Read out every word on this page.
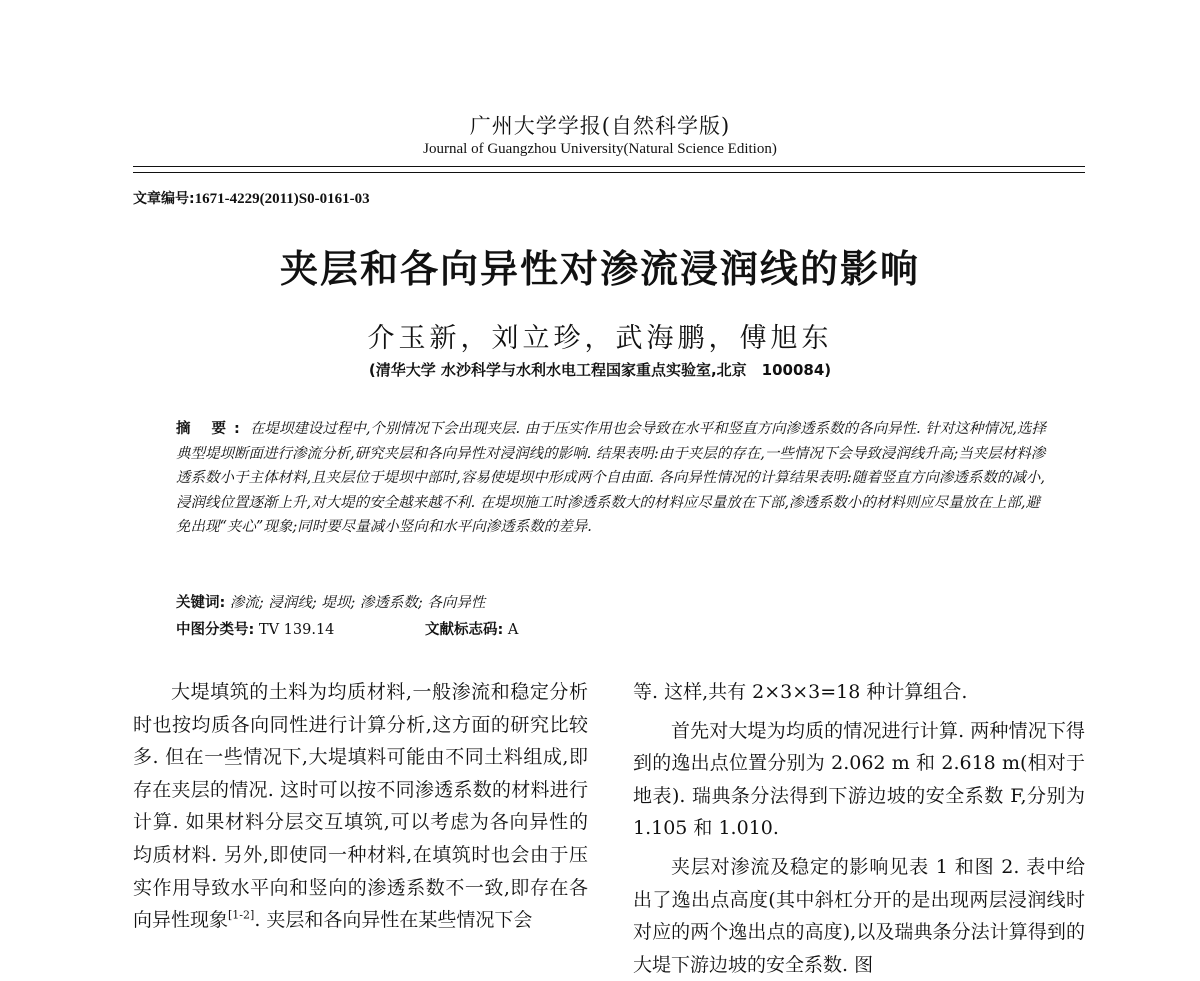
广州大学学报(自然科学版)
Journal of Guangzhou University(Natural Science Edition)
文章编号:1671-4229(2011)S0-0161-03
夹层和各向异性对渗流浸润线的影响
介玉新，刘立珍，武海鹏，傅旭东
(清华大学 水沙科学与水利水电工程国家重点实验室,北京　100084)
摘 要: 在堤坝建设过程中,个别情况下会出现夹层. 由于压实作用也会导致在水平和竖直方向渗透系数的各向异性. 针对这种情况,选择典型堤坝断面进行渗流分析,研究夹层和各向异性对浸润线的影响. 结果表明:由于夹层的存在,一些情况下会导致浸润线升高;当夹层材料渗透系数小于主体材料,且夹层位于堤坝中部时,容易使堤坝中形成两个自由面. 各向异性情况的计算结果表明:随着竖直方向渗透系数的减小,浸润线位置逐渐上升,对大堤的安全越来越不利. 在堤坝施工时渗透系数大的材料应尽量放在下部,渗透系数小的材料则应尽量放在上部,避免出现“夹心”现象;同时要尽量减小竖向和水平向渗透系数的差异.
关键词: 渗流; 浸润线; 堤坝; 渗透系数; 各向异性
中图分类号: TV 139.14	文献标志码: A

大堤填筑的土料为均质材料,一般渗流和稳定分析时也按均质各向同性进行计算分析,这方面的研究比较多. 但在一些情况下,大堤填料可能由不同土料组成,即存在夹层的情况. 这时可以按不同渗透系数的材料进行计算. 如果材料分层交互填筑,可以考虑为各向异性的均质材料. 另外,即使同一种材料,在填筑时也会由于压实作用导致水平向和竖向的渗透系数不一致,即存在各向异性现象[1-2]. 夹层和各向异性在某些情况下会

等. 这样,共有 2×3×3=18 种计算组合.

首先对大堤为均质的情况进行计算. 两种情况下得到的逸出点位置分别为 2.062 m 和 2.618 m(相对于地表). 瑞典条分法得到下游边坡的安全系数 F,分别为 1.105 和 1.010.

夹层对渗流及稳定的影响见表 1 和图 2. 表中给出了逸出点高度(其中斜杠分开的是出现两层浸润线时对应的两个逸出点的高度),以及瑞典条分法计算得到的大堤下游边坡的安全系数. 图
